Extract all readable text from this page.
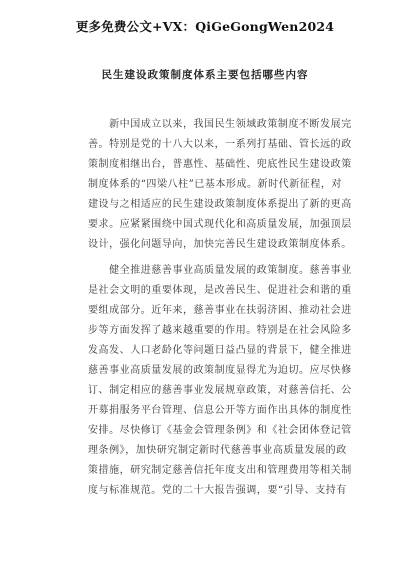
更多免费公文+VX：QiGeGongWen2024
民生建设政策制度体系主要包括哪些内容
　　新中国成立以来，我国民生领域政策制度不断发展完
善。特别是党的十八大以来，一系列打基础、管长远的政
策制度相继出台，普惠性、基础性、兜底性民生建设政策
制度体系的“四梁八柱”已基本形成。新时代新征程，对
建设与之相适应的民生建设政策制度体系提出了新的更高
要求。应紧紧围绕中国式现代化和高质量发展，加强顶层
设计，强化问题导向，加快完善民生建设政策制度体系。
　　健全推进慈善事业高质量发展的政策制度。慈善事业
是社会文明的重要体现，是改善民生、促进社会和谐的重
要组成部分。近年来，慈善事业在扶弱济困、推动社会进
步等方面发挥了越来越重要的作用。特别是在社会风险多
发高发、人口老龄化等问题日益凸显的背景下，健全推进
慈善事业高质量发展的政策制度显得尤为迫切。应尽快修
订、制定相应的慈善事业发展规章政策，对慈善信托、公
开募捐服务平台管理、信息公开等方面作出具体的制度性
安排。尽快修订《基金会管理条例》和《社会团体登记管
理条例》，加快研究制定新时代慈善事业高质量发展的政
策措施，研究制定慈善信托年度支出和管理费用等相关制
度与标准规范。党的二十大报告强调，要“引导、支持有
